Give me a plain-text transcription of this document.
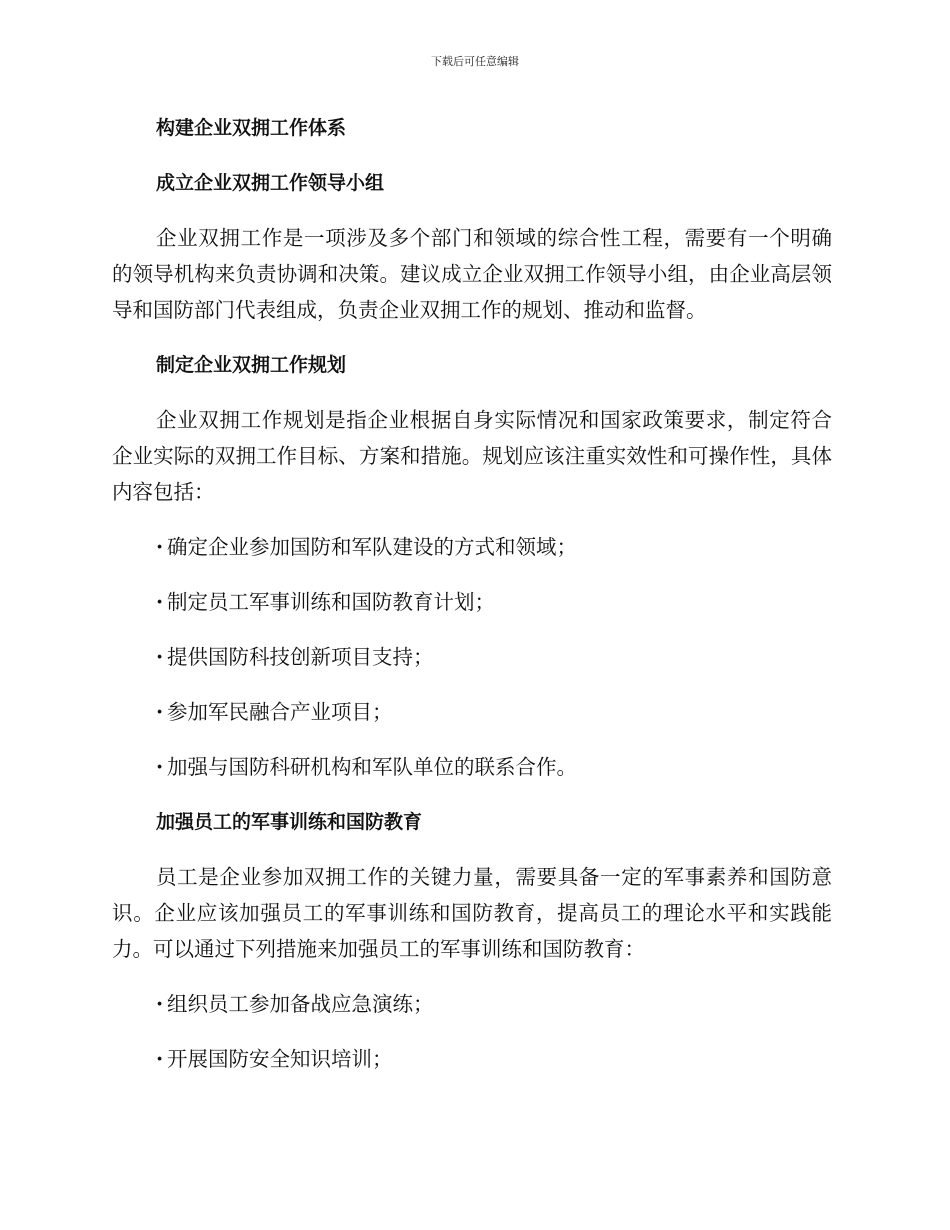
下载后可任意编辑
构建企业双拥工作体系
成立企业双拥工作领导小组
企业双拥工作是一项涉及多个部门和领域的综合性工程，需要有一个明确的领导机构来负责协调和决策。建议成立企业双拥工作领导小组，由企业高层领导和国防部门代表组成，负责企业双拥工作的规划、推动和监督。
制定企业双拥工作规划
企业双拥工作规划是指企业根据自身实际情况和国家政策要求，制定符合企业实际的双拥工作目标、方案和措施。规划应该注重实效性和可操作性，具体内容包括：
· 确定企业参加国防和军队建设的方式和领域；
· 制定员工军事训练和国防教育计划；
· 提供国防科技创新项目支持；
· 参加军民融合产业项目；
· 加强与国防科研机构和军队单位的联系合作。
加强员工的军事训练和国防教育
员工是企业参加双拥工作的关键力量，需要具备一定的军事素养和国防意识。企业应该加强员工的军事训练和国防教育，提高员工的理论水平和实践能力。可以通过下列措施来加强员工的军事训练和国防教育：
· 组织员工参加备战应急演练；
· 开展国防安全知识培训；
